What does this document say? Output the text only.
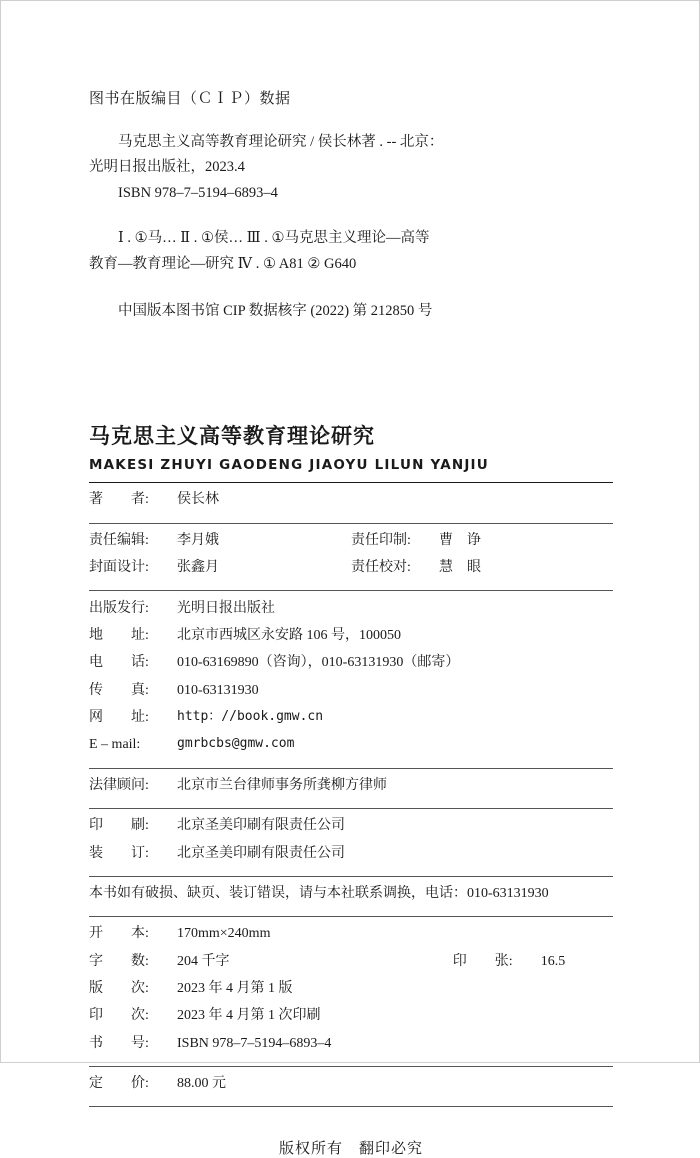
图书在版编目（ＣＩＰ）数据
马克思主义高等教育理论研究 / 侯长林著 . -- 北京：
光明日报出版社，2023.4
ISBN 978–7–5194–6893–4
Ⅰ . ①马… Ⅱ . ①侯… Ⅲ . ①马克思主义理论—高等
教育—教育理论—研究 Ⅳ . ① A81 ② G640
中国版本图书馆 CIP 数据核字 (2022) 第 212850 号
马克思主义高等教育理论研究
MAKESI ZHUYI GAODENG JIAOYU LILUN YANJIU
著　　者:	侯长林
责任编辑:	李月娥	责任印制:	曹　诤
封面设计:	张鑫月	责任校对:	慧　眼
出版发行:	光明日报出版社
地　　址:	北京市西城区永安路 106 号，100050
电　　话:	010-63169890（咨询），010-63131930（邮寄）
传　　真:	010-63131930
网　　址:	http：//book.gmw.cn
E – mail:	gmrbcbs@gmw.com
法律顾问:	北京市兰台律师事务所龚柳方律师
印　　刷:	北京圣美印刷有限责任公司
装　　订:	北京圣美印刷有限责任公司
本书如有破损、缺页、装订错误，请与本社联系调换，电话：010-63131930
开　　本:	170mm×240mm		
字　　数:	204 千字	印　　张:	16.5
版　　次:	2023 年 4 月第 1 版		
印　　次:	2023 年 4 月第 1 次印刷		
书　　号:	ISBN 978–7–5194–6893–4		
定　　价:	88.00 元
版权所有　翻印必究
